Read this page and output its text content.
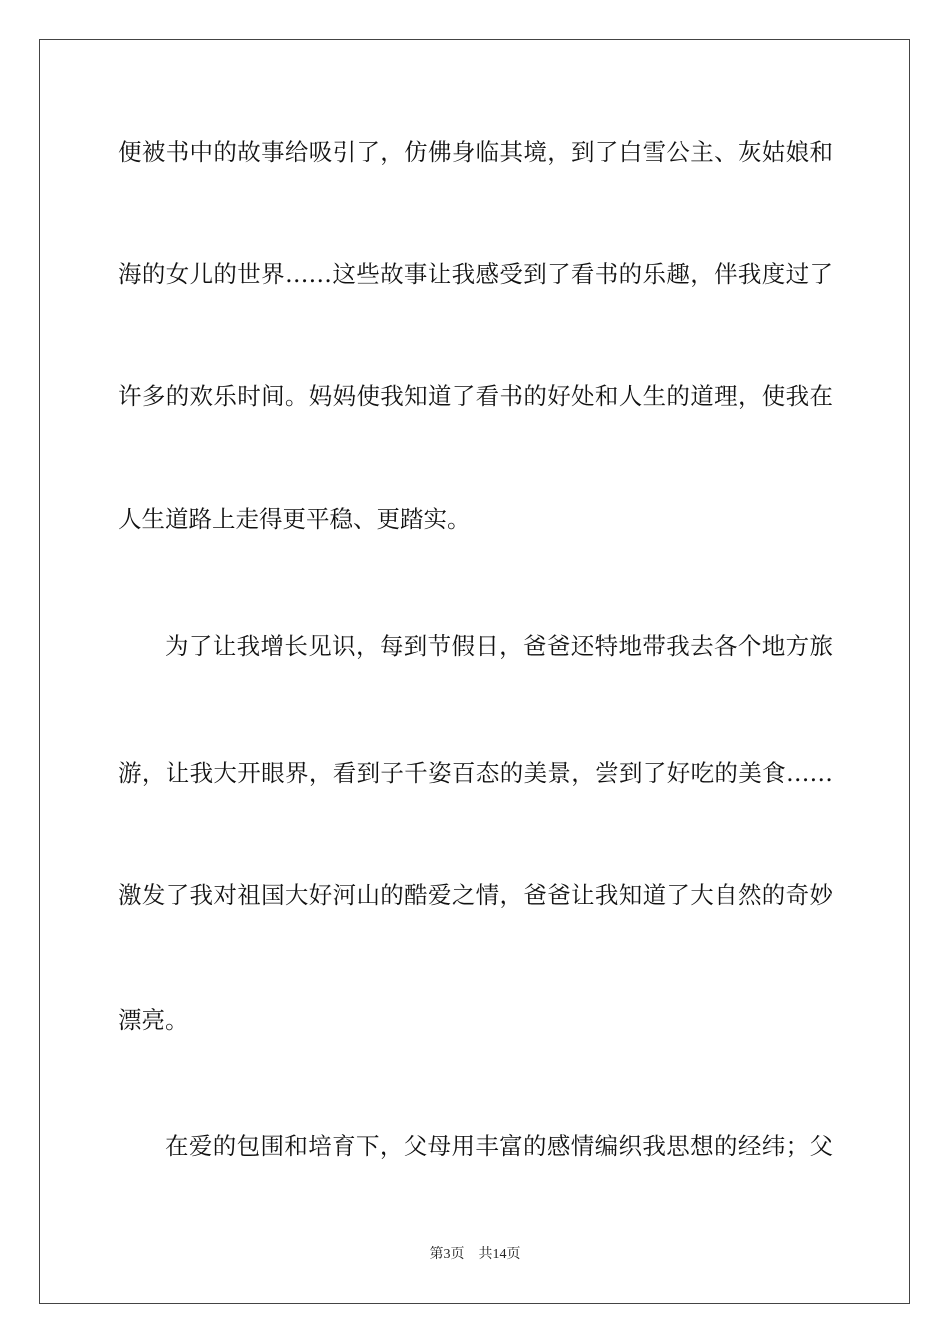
便被书中的故事给吸引了，仿佛身临其境，到了白雪公主、灰姑娘和
海的女儿的世界……这些故事让我感受到了看书的乐趣，伴我度过了
许多的欢乐时间。妈妈使我知道了看书的好处和人生的道理，使我在
人生道路上走得更平稳、更踏实。
为了让我增长见识，每到节假日，爸爸还特地带我去各个地方旅
游，让我大开眼界，看到子千姿百态的美景，尝到了好吃的美食……
激发了我对祖国大好河山的酷爱之情，爸爸让我知道了大自然的奇妙
漂亮。
在爱的包围和培育下，父母用丰富的感情编织我思想的经纬；父
第3页 共14页
